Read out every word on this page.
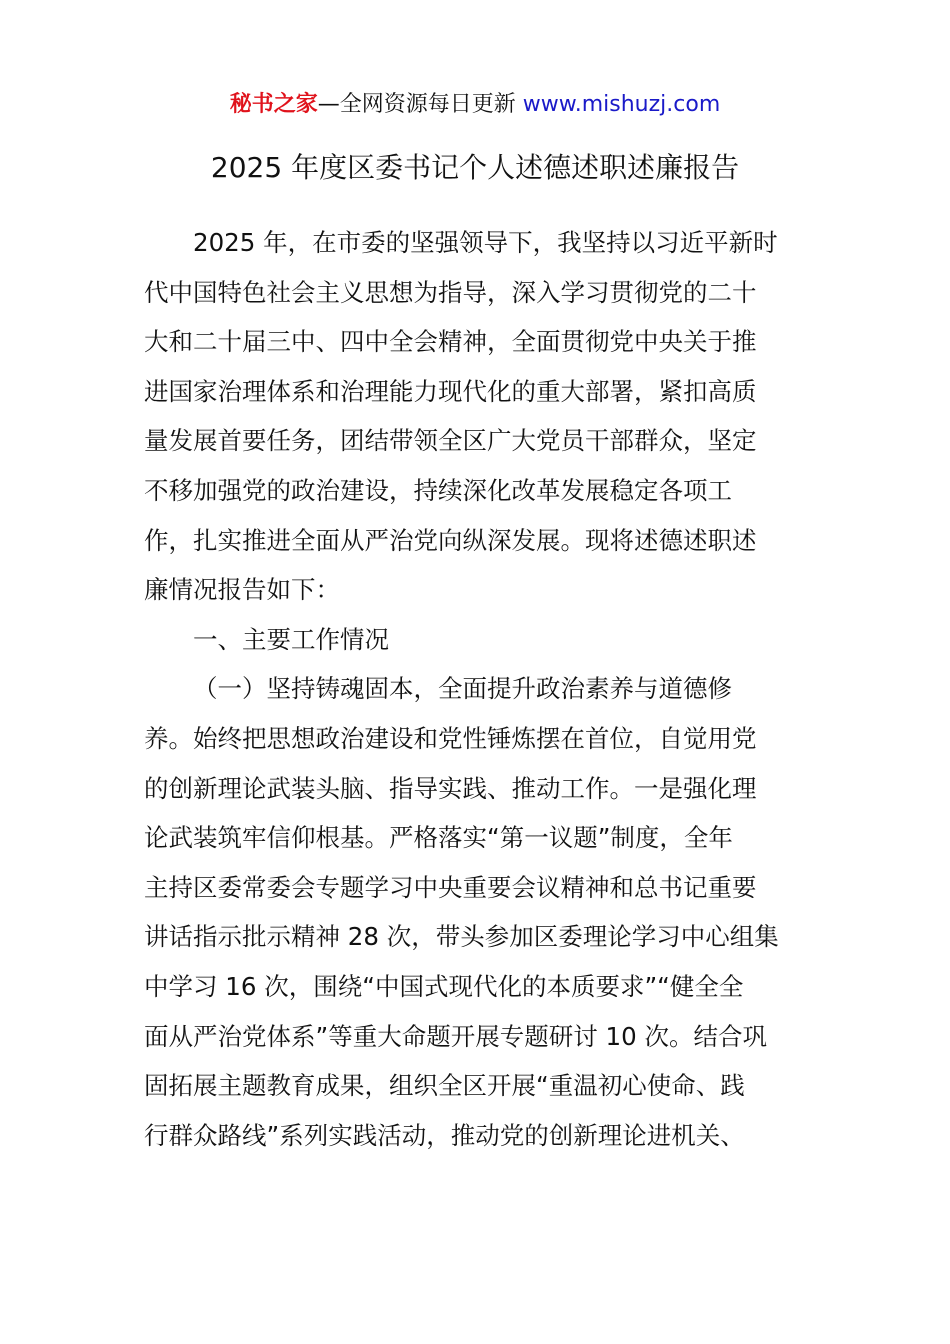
秘书之家—全网资源每日更新 www.mishuzj.com
2025 年度区委书记个人述德述职述廉报告
2025 年，在市委的坚强领导下，我坚持以习近平新时
代中国特色社会主义思想为指导，深入学习贯彻党的二十
大和二十届三中、四中全会精神，全面贯彻党中央关于推
进国家治理体系和治理能力现代化的重大部署，紧扣高质
量发展首要任务，团结带领全区广大党员干部群众，坚定
不移加强党的政治建设，持续深化改革发展稳定各项工
作，扎实推进全面从严治党向纵深发展。现将述德述职述
廉情况报告如下：
一、主要工作情况
（一）坚持铸魂固本，全面提升政治素养与道德修
养。始终把思想政治建设和党性锤炼摆在首位，自觉用党
的创新理论武装头脑、指导实践、推动工作。一是强化理
论武装筑牢信仰根基。严格落实“第一议题”制度，全年
主持区委常委会专题学习中央重要会议精神和总书记重要
讲话指示批示精神 28 次，带头参加区委理论学习中心组集
中学习 16 次，围绕“中国式现代化的本质要求”“健全全
面从严治党体系”等重大命题开展专题研讨 10 次。结合巩
固拓展主题教育成果，组织全区开展“重温初心使命、践
行群众路线”系列实践活动，推动党的创新理论进机关、
